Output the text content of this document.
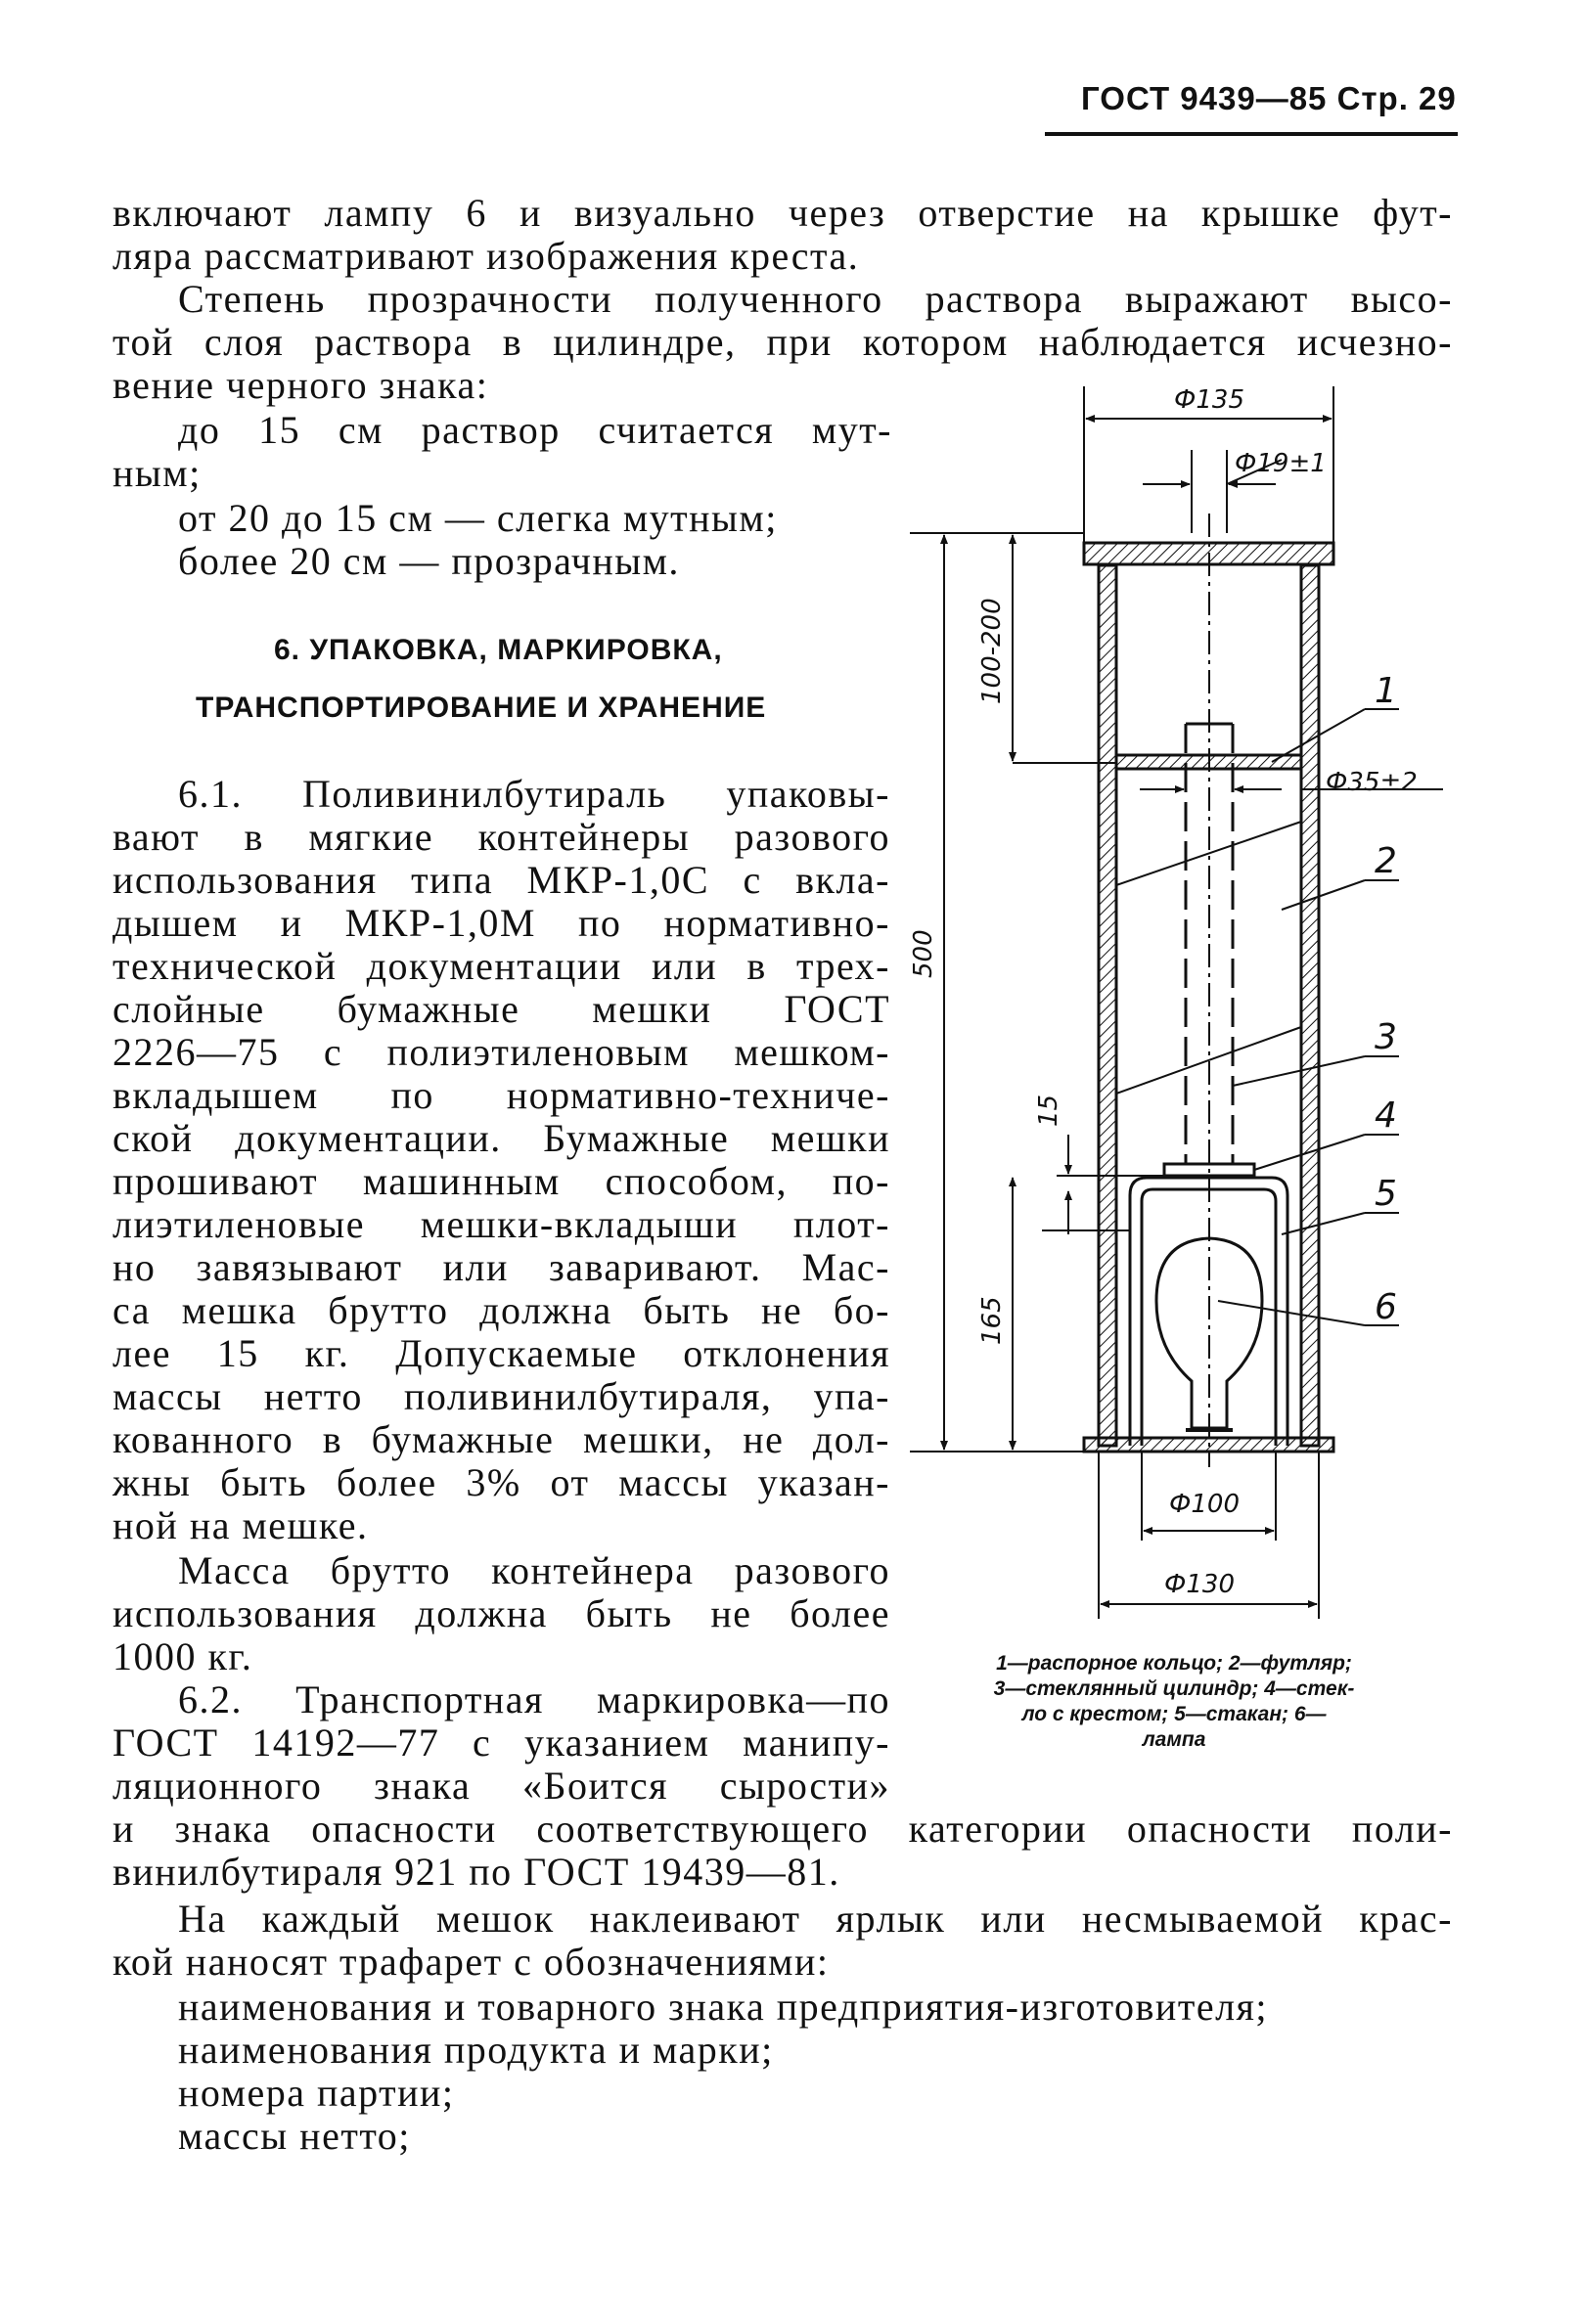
ГОСТ 9439—85 Стр. 29
включают лампу 6 и визуально через отверстие на крышке фут-
ляра рассматривают изображения креста.
Степень прозрачности полученного раствора выражают высо-
той слоя раствора в цилиндре, при котором наблюдается исчезно-
вение черного знака:
до 15 см раствор считается мут-
ным;
от 20 до 15 см — слегка мутным;
более 20 см — прозрачным.
6. УПАКОВКА, МАРКИРОВКА,
ТРАНСПОРТИРОВАНИЕ И ХРАНЕНИЕ
6.1. Поливинилбутираль упаковы-
вают в мягкие контейнеры разового
использования типа МКР-1,0С с вкла-
дышем и МКР-1,0М по нормативно-
технической документации или в трех-
слойные бумажные мешки ГОСТ
2226—75 с полиэтиленовым мешком-
вкладышем по нормативно-техниче-
ской документации. Бумажные мешки
прошивают машинным способом, по-
лиэтиленовые мешки-вкладыши плот-
но завязывают или заваривают. Мас-
са мешка брутто должна быть не бо-
лее 15 кг. Допускаемые отклонения
массы нетто поливинилбутираля, упа-
кованного в бумажные мешки, не дол-
жны быть более 3% от массы указан-
ной на мешке.
Масса брутто контейнера разового
использования должна быть не более
1000 кг.
6.2. Транспортная маркировка—по
ГОСТ 14192—77 с указанием манипу-
ляционного знака «Боится сырости»
и знака опасности соответствующего категории опасности поли-
винилбутираля 921 по ГОСТ 19439—81.
На каждый мешок наклеивают ярлык или несмываемой крас-
кой наносят трафарет с обозначениями:
наименования и товарного знака предприятия-изготовителя;
наименования продукта и марки;
номера партии;
массы нетто;
Ф135
Ф19±1
Ф35±2
Ф100
Ф130
500
100-200
15
165
1
2
3
4
5
6
1—распорное кольцо; 2—футляр;
3—стеклянный цилиндр; 4—стек-
ло с крестом; 5—стакан; 6—
лампа
